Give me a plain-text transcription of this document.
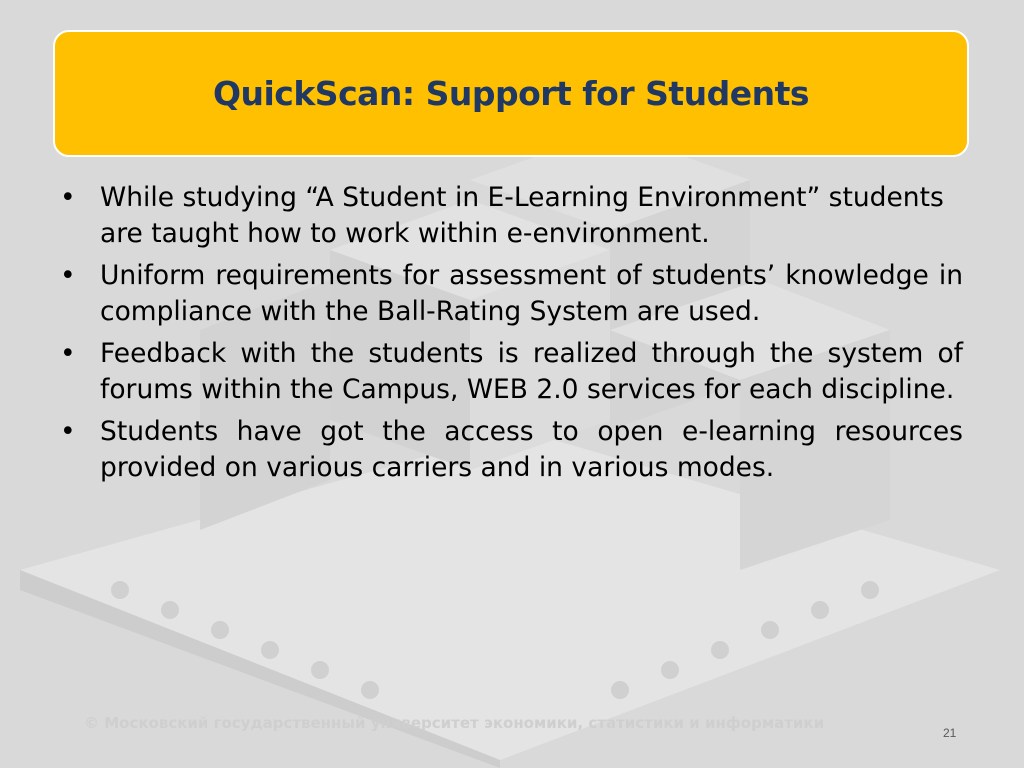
QuickScan: Support for Students
• While studying “A Student in E-Learning Environment” students are taught how to work within e-environment.
• Uniform requirements for assessment of students’ knowledge in compliance with the Ball-Rating System are used.
• Feedback with the students is realized through the system of forums within the Campus, WEB 2.0 services for each discipline.
• Students have got the access to open e-learning resources provided on various carriers and in various modes.
© Московский государственный университет экономики, статистики и информатики
21
